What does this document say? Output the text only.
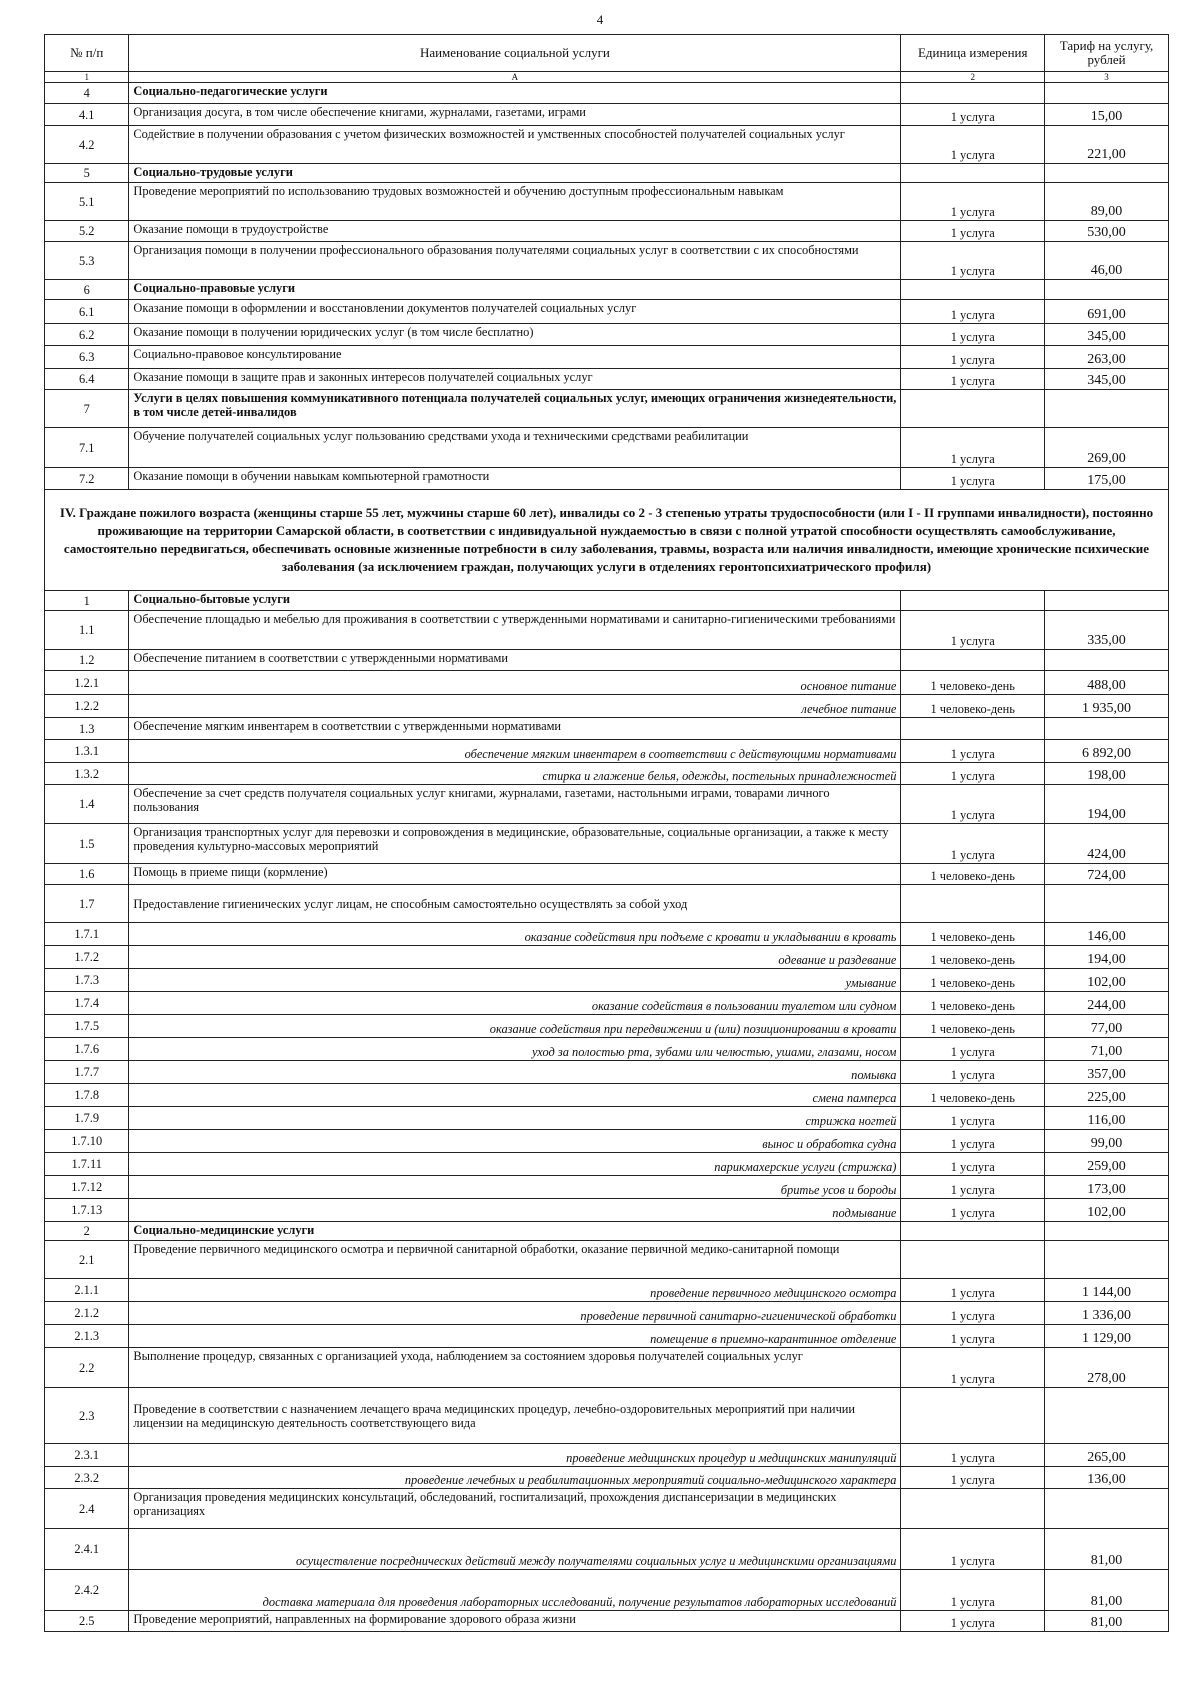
4
№ п/п	Наименование социальной услуги	Единица измерения	Тариф на услугу, рублей
1	А	2	3
4	Социально-педагогические услуги		
4.1	Организация досуга, в том числе обеспечение книгами, журналами, газетами, играми	1 услуга	15,00
4.2	Содействие в получении образования с учетом физических возможностей и умственных способностей получателей социальных услуг	1 услуга	221,00
5	Социально-трудовые услуги		
5.1	Проведение мероприятий по использованию трудовых возможностей и обучению доступным профессиональным навыкам	1 услуга	89,00
5.2	Оказание помощи в трудоустройстве	1 услуга	530,00
5.3	Организация помощи в получении профессионального образования получателями социальных услуг в соответствии с их способностями	1 услуга	46,00
6	Социально-правовые услуги		
6.1	Оказание помощи в оформлении и восстановлении документов получателей социальных услуг	1 услуга	691,00
6.2	Оказание помощи в получении юридических услуг (в том числе бесплатно)	1 услуга	345,00
6.3	Социально-правовое консультирование	1 услуга	263,00
6.4	Оказание помощи в защите прав и законных интересов получателей социальных услуг	1 услуга	345,00
7	Услуги в целях повышения коммуникативного потенциала получателей социальных услуг, имеющих ограничения жизнедеятельности, в том числе детей-инвалидов		
7.1	Обучение получателей социальных услуг пользованию средствами ухода и техническими средствами реабилитации	1 услуга	269,00
7.2	Оказание помощи в обучении навыкам компьютерной грамотности	1 услуга	175,00
IV. Граждане пожилого возраста (женщины старше 55 лет, мужчины старше 60 лет), инвалиды со 2 - 3 степенью утраты трудоспособности (или I - II группами инвалидности), постоянно проживающие на территории Самарской области, в соответствии с индивидуальной нуждаемостью в связи с полной утратой способности осуществлять самообслуживание, самостоятельно передвигаться, обеспечивать основные жизненные потребности в силу заболевания, травмы, возраста или наличия инвалидности, имеющие хронические психические заболевания (за исключением граждан, получающих услуги в отделениях геронтопсихиатрического профиля)			
1	Социально-бытовые услуги		
1.1	Обеспечение площадью и мебелью для проживания в соответствии с утвержденными нормативами и санитарно-гигиеническими требованиями	1 услуга	335,00
1.2	Обеспечение питанием в соответствии с утвержденными нормативами		
1.2.1	основное питание	1 человеко-день	488,00
1.2.2	лечебное питание	1 человеко-день	1 935,00
1.3	Обеспечение мягким инвентарем в соответствии с утвержденными нормативами		
1.3.1	обеспечение мягким инвентарем в соответствии с действующими нормативами	1 услуга	6 892,00
1.3.2	стирка и глажение белья, одежды, постельных принадлежностей	1 услуга	198,00
1.4	Обеспечение за счет средств получателя социальных услуг книгами, журналами, газетами, настольными играми, товарами личного пользования	1 услуга	194,00
1.5	Организация транспортных услуг для перевозки и сопровождения в медицинские, образовательные, социальные организации, а также к месту проведения культурно-массовых мероприятий	1 услуга	424,00
1.6	Помощь в приеме пищи (кормление)	1 человеко-день	724,00
1.7	Предоставление гигиенических услуг лицам, не способным самостоятельно осуществлять за собой уход		
1.7.1	оказание содействия при подъеме с кровати и укладывании в кровать	1 человеко-день	146,00
1.7.2	одевание и раздевание	1 человеко-день	194,00
1.7.3	умывание	1 человеко-день	102,00
1.7.4	оказание содействия в пользовании туалетом или судном	1 человеко-день	244,00
1.7.5	оказание содействия при передвижении и (или) позиционировании в кровати	1 человеко-день	77,00
1.7.6	уход за полостью рта, зубами или челюстью, ушами, глазами, носом	1 услуга	71,00
1.7.7	помывка	1 услуга	357,00
1.7.8	смена памперса	1 человеко-день	225,00
1.7.9	стрижка ногтей	1 услуга	116,00
1.7.10	вынос и обработка судна	1 услуга	99,00
1.7.11	парикмахерские услуги (стрижка)	1 услуга	259,00
1.7.12	бритье усов и бороды	1 услуга	173,00
1.7.13	подмывание	1 услуга	102,00
2	Социально-медицинские услуги		
2.1	Проведение первичного медицинского осмотра и первичной санитарной обработки, оказание первичной медико-санитарной помощи		
2.1.1	проведение первичного медицинского осмотра	1 услуга	1 144,00
2.1.2	проведение первичной санитарно-гигиенической обработки	1 услуга	1 336,00
2.1.3	помещение в приемно-карантинное отделение	1 услуга	1 129,00
2.2	Выполнение процедур, связанных с организацией ухода, наблюдением за состоянием здоровья получателей социальных услуг	1 услуга	278,00
2.3	Проведение в соответствии с назначением лечащего врача медицинских процедур, лечебно-оздоровительных мероприятий при наличии лицензии на медицинскую деятельность соответствующего вида		
2.3.1	проведение медицинских процедур и медицинских манипуляций	1 услуга	265,00
2.3.2	проведение лечебных и реабилитационных мероприятий социально-медицинского характера	1 услуга	136,00
2.4	Организация проведения медицинских консультаций, обследований, госпитализаций, прохождения диспансеризации в медицинских организациях		
2.4.1	осуществление посреднических действий между получателями социальных услуг и медицинскими организациями	1 услуга	81,00
2.4.2	доставка материала для проведения лабораторных исследований, получение результатов лабораторных исследований	1 услуга	81,00
2.5	Проведение мероприятий, направленных на формирование здорового образа жизни	1 услуга	81,00
